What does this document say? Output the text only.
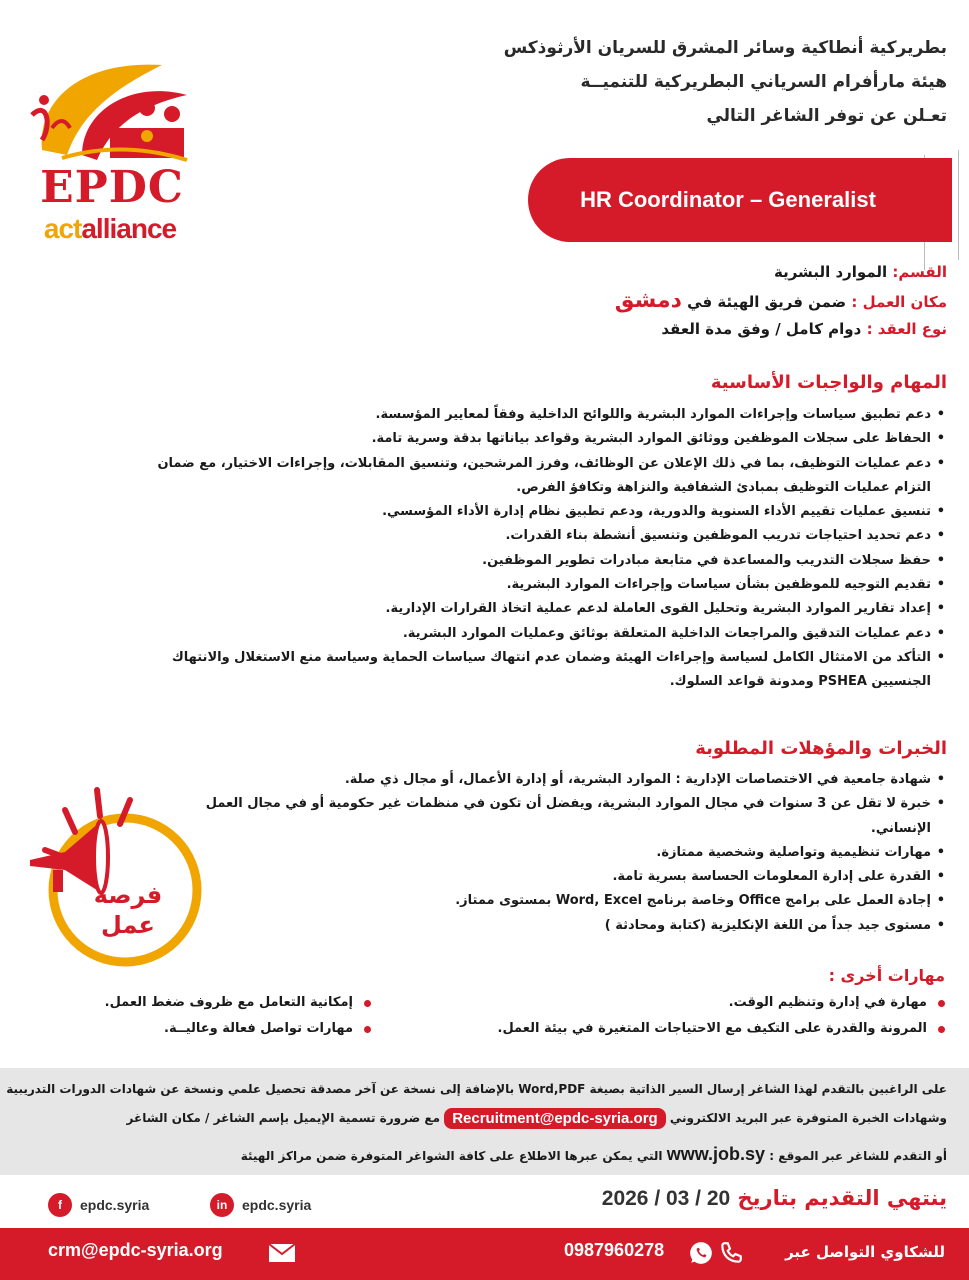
بطريركية أنطاكية وسائر المشرق للسريان الأرثوذكس
هيئة مارأفرام السرياني البطريركية للتنميــة
تعـلن عن توفر الشاغر التالي
EPDC
actalliance
HR Coordinator – Generalist
القسم: الموارد البشرية
مكان العمل : ضمن فريق الهيئة في دمشق
نوع العقد : دوام كامل / وفق مدة العقد
المهام والواجبات الأساسية
• دعم تطبيق سياسات وإجراءات الموارد البشرية واللوائح الداخلية وفقاً لمعايير المؤسسة.
• الحفاظ على سجلات الموظفين ووثائق الموارد البشرية وقواعد بياناتها بدقة وسرية تامة.
• دعم عمليات التوظيف، بما في ذلك الإعلان عن الوظائف، وفرز المرشحين، وتنسيق المقابلات، وإجراءات الاختيار، مع ضمان التزام عمليات التوظيف بمبادئ الشفافية والنزاهة وتكافؤ الفرص.
• تنسيق عمليات تقييم الأداء السنوية والدورية، ودعم تطبيق نظام إدارة الأداء المؤسسي.
• دعم تحديد احتياجات تدريب الموظفين وتنسيق أنشطة بناء القدرات.
• حفظ سجلات التدريب والمساعدة في متابعة مبادرات تطوير الموظفين.
• تقديم التوجيه للموظفين بشأن سياسات وإجراءات الموارد البشرية.
• إعداد تقارير الموارد البشرية وتحليل القوى العاملة لدعم عملية اتخاذ القرارات الإدارية.
• دعم عمليات التدقيق والمراجعات الداخلية المتعلقة بوثائق وعمليات الموارد البشرية.
• التأكد من الامتثال الكامل لسياسة وإجراءات الهيئة وضمان عدم انتهاك سياسات الحماية وسياسة منع الاستغلال والانتهاك الجنسيين PSHEA ومدونة قواعد السلوك.
الخبرات والمؤهلات المطلوبة
• شهادة جامعية في الاختصاصات الإدارية : الموارد البشرية، أو إدارة الأعمال، أو مجال ذي صلة.
• خبرة لا تقل عن 3 سنوات في مجال الموارد البشرية، ويفضل أن تكون في منظمات غير حكومية أو في مجال العمل الإنساني.
• مهارات تنظيمية وتواصلية وشخصية ممتازة.
• القدرة على إدارة المعلومات الحساسة بسرية تامة.
• إجادة العمل على برامج Office وخاصة برنامج Word, Excel بمستوى ممتاز.
• مستوى جيد جداً من اللغة الإنكليزية (كتابة ومحادثة )
فرصة
عمل
مهارات أخرى :
مهارة في إدارة وتنظيم الوقت.
المرونة والقدرة على التكيف مع الاحتياجات المتغيرة في بيئة العمل.
إمكانية التعامل مع ظروف ضغط العمل.
مهارات تواصل فعالة وعاليــة.
على الراغبين بالتقدم لهذا الشاغر إرسال السير الذاتية بصيغة Word,PDF بالإضافة إلى نسخة عن آخر مصدقة تحصيل علمي ونسخة عن شهادات الدورات التدريبية
وشهادات الخبرة المتوفرة عبر البريد الالكتروني Recruitment@epdc-syria.org مع ضرورة تسمية الإيميل بإسم الشاغر / مكان الشاغر
أو التقدم للشاغر عبر الموقع : www.job.sy التي يمكن عبرها الاطلاع على كافة الشواغر المتوفرة ضمن مراكز الهيئة
ينتهي التقديم بتاريخ 2026 / 03 / 20
f	epdc.syria	in	epdc.syria
للشكاوي التواصل عبر
0987960278
crm@epdc-syria.org
